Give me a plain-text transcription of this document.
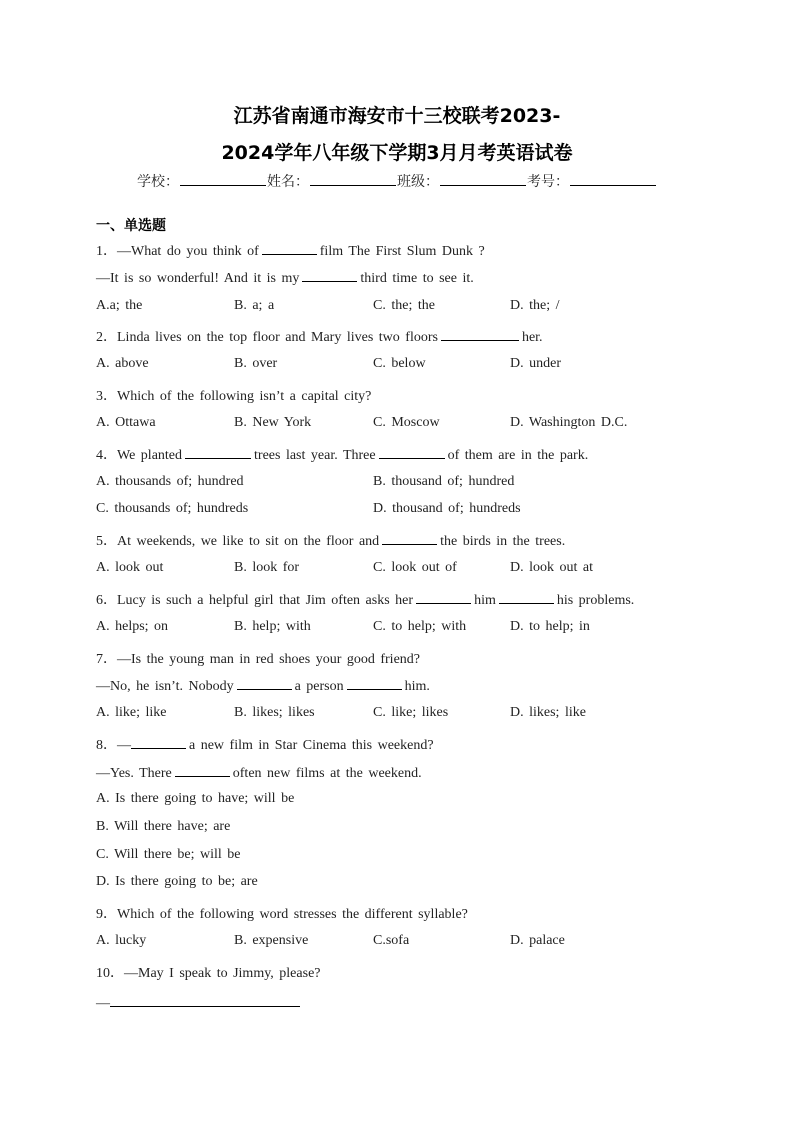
江苏省南通市海安市十三校联考2023-
2024学年八年级下学期3月月考英语试卷
学校：	姓名：	班级：	考号：
一、单选题
1．—What do you think of	film The First Slum Dunk ?
—It is so wonderful! And it is my	third time to see it.
A.a; the	B. a; a	C. the; the	D. the; /
2．Linda lives on the top floor and Mary lives two floors	her.
A. above	B. over	C. below	D. under
3．Which of the following isn’t a capital city?
A. Ottawa	B. New York	C. Moscow	D. Washington D.C.
4．We planted	trees last year. Three	of them are in the park.
A. thousands of; hundred	B. thousand of; hundred
C. thousands of; hundreds	D. thousand of; hundreds
5．At weekends, we like to sit on the floor and	the birds in the trees.
A. look out	B. look for	C. look out of	D. look out at
6．Lucy is such a helpful girl that Jim often asks her	him	his problems.
A. helps; on	B. help; with	C. to help; with	D. to help; in
7．—Is the young man in red shoes your good friend?
—No, he isn’t. Nobody	a person	him.
A. like; like	B. likes; likes	C. like; likes	D. likes; like
8．—	a new film in Star Cinema this weekend?
—Yes. There	often new films at the weekend.
A. Is there going to have; will be
B. Will there have; are
C. Will there be; will be
D. Is there going to be; are
9．Which of the following word stresses the different syllable?
A. lucky	B. expensive	C.sofa	D. palace
10．—May I speak to Jimmy, please?
—
